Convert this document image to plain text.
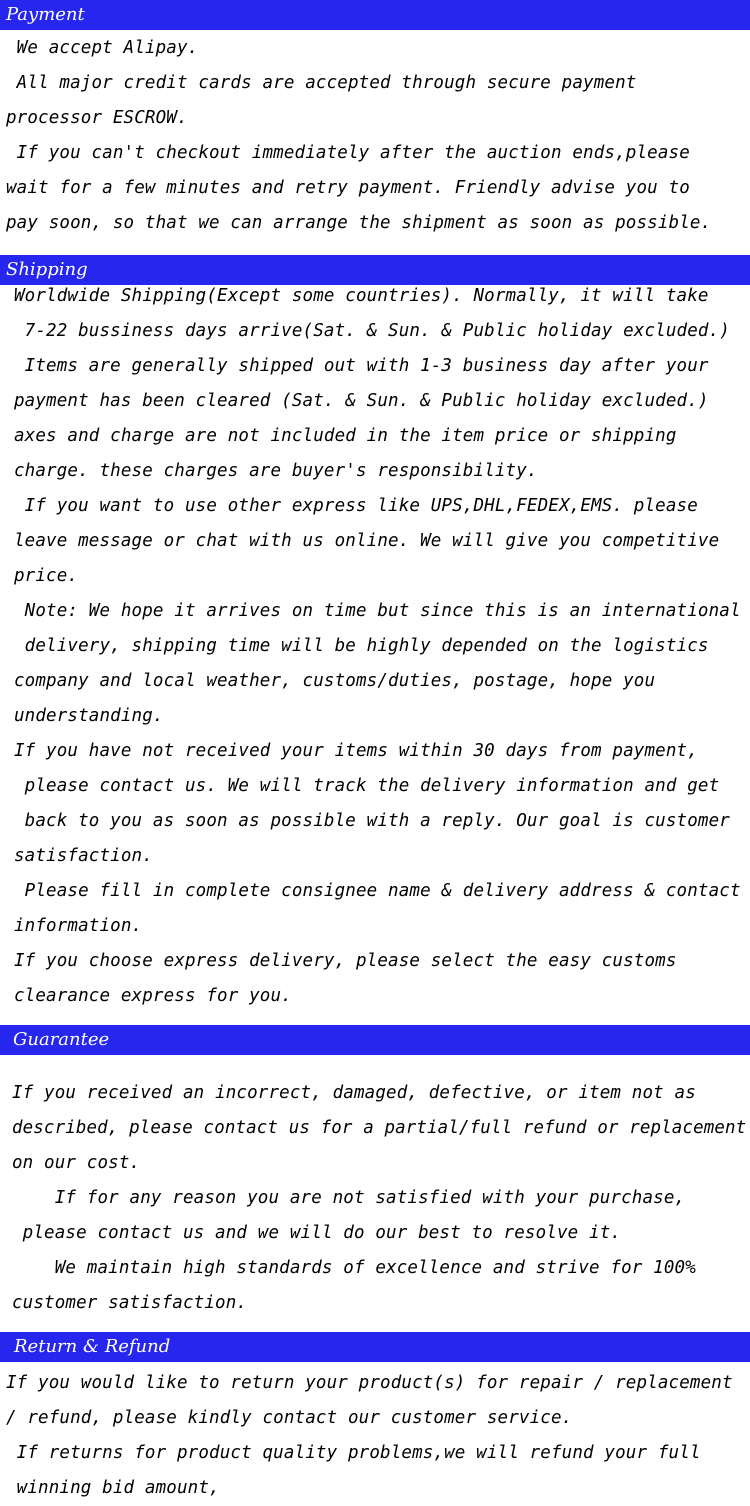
Payment
We accept Alipay.
All major credit cards are accepted through secure payment
processor ESCROW.
If you can't checkout immediately after the auction ends,please
wait for a few minutes and retry payment. Friendly advise you to
pay soon, so that we can arrange the shipment as soon as possible.
Shipping
Worldwide Shipping(Except some countries). Normally, it will take
7-22 bussiness days arrive(Sat. & Sun. & Public holiday excluded.)
Items are generally shipped out with 1-3 business day after your
payment has been cleared (Sat. & Sun. & Public holiday excluded.)
axes and charge are not included in the item price or shipping
charge. these charges are buyer's responsibility.
If you want to use other express like UPS,DHL,FEDEX,EMS. please
leave message or chat with us online. We will give you competitive
price.
Note: We hope it arrives on time but since this is an international
delivery, shipping time will be highly depended on the logistics
company and local weather, customs/duties, postage, hope you
understanding.
If you have not received your items within 30 days from payment,
please contact us. We will track the delivery information and get
back to you as soon as possible with a reply. Our goal is customer
satisfaction.
Please fill in complete consignee name & delivery address & contact
information.
If you choose express delivery, please select the easy customs
clearance express for you.
Guarantee
If you received an incorrect, damaged, defective, or item not as
described, please contact us for a partial/full refund or replacement
on our cost.
If for any reason you are not satisfied with your purchase,
please contact us and we will do our best to resolve it.
We maintain high standards of excellence and strive for 100%
customer satisfaction.
Return & Refund
If you would like to return your product(s) for repair / replacement
/ refund, please kindly contact our customer service.
If returns for product quality problems,we will refund your full
winning bid amount,
